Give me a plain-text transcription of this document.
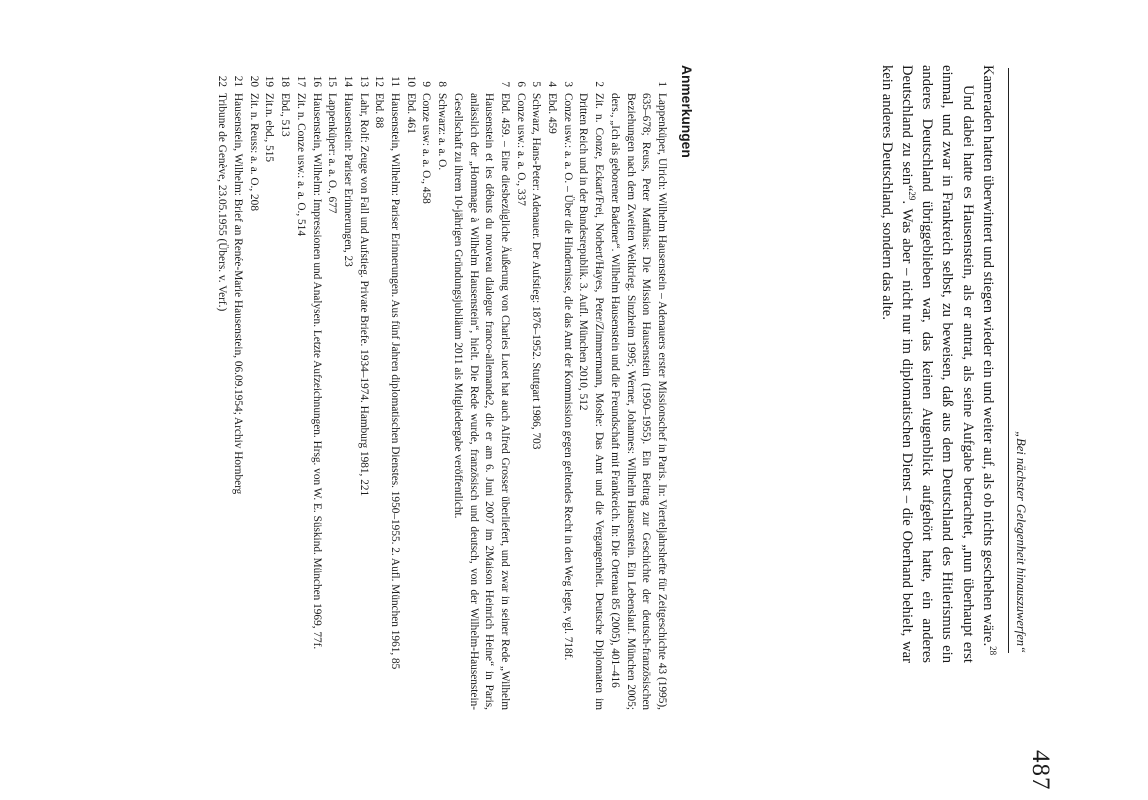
487
„Bei nächster Gelegenheit hinauszuwerfen“

Kameraden hatten überwintert und stiegen wieder ein und weiter auf, als ob nichts geschehen wäre.$^{28}$

Und dabei hatte es Hausenstein, als er antrat, als seine Aufgabe betrachtet, „nun überhaupt erst einmal, und zwar in Frankreich selbst, zu beweisen, daß aus dem Deutschland des Hitlerismus ein anderes Deutschland übriggeblieben war, das keinen Augenblick aufgehört hatte, ein anderes Deutschland zu sein“$^{29}$. Was aber – nicht nur im diplomatischen Dienst – die Oberhand behielt, war kein anderes Deutschland, sondern das alte.

Anmerkungen
1
Lappenküper, Ulrich: Wilhelm Hausenstein – Adenauers erster Missionschef in Paris. In: Vierteljahrshefte für Zeitgeschichte 43 (1995), 635–678; Reuss, Peter Matthias: Die Mission Hausenstein (1950–1955). Ein Beitrag zur Geschichte der deutsch-französischen Beziehungen nach dem Zweiten Weltkrieg. Sinzheim 1995; Werner, Johannes: Wilhelm Hausenstein. Ein Lebenslauf. München 2005; ders., „Ich als geborener Badener“. Wilhelm Hausenstein und die Freundschaft mit Frankreich. In: Die Ortenau 85 (2005), 401–416
2
Zit. n. Conze, Eckart/Frei, Norbert/Hayes, Peter/Zimmermann, Moshe: Das Amt und die Vergangenheit. Deutsche Diplomaten im Dritten Reich und in der Bundesrepublik. 3. Aufl. München 2010, 512
3
Conze usw.: a. a. O. – Über die Hindernisse, die das Amt der Kommission gegen geltendes Recht in den Weg legte, vgl. 718f.
4
Ebd. 459
5
Schwarz, Hans-Peter: Adenauer. Der Aufstieg: 1876–1952. Stuttgart 1986, 703
6
Conze usw.: a. a. O., 337
7
Ebd. 459. – Eine diesbezügliche Äußerung von Charles Lucet hat auch Alfred Grosser überliefert, und zwar in seiner Rede „Wilhelm Hausenstein et les débuts du nouveau dialogue franco-allemande2, die er am 6. Juni 2007 im 2Maison Heinrich Heine“ in Paris, anlässlich der „Hommage à Wilhelm Hausenstein“, hielt. Die Rede wurde, französisch und deutsch, von der Wilhelm-Hausenstein-Gesellschaft zu ihrem 10-jährigen Gründungsjubiläum 2011 als Mitgliedergabe veröffentlicht.
8
Schwarz: a. a. O.
9
Conze usw: a. a. O., 458
10
Ebd. 461
11
Hausenstein, Wilhelm: Pariser Erinnerungen. Aus fünf Jahren diplomatischen Dienstes. 1950–1955. 2. Aufl. München 1961, 85
12
Ebd. 88
13
Lahr, Rolf: Zeuge von Fall und Aufstieg. Private Briefe. 1934–1974. Hamburg 1981, 221
14
Hausenstein: Pariser Erinnerungen, 23
15
Lappenküper: a. a. O., 677
16
Hausenstein, Wilhelm: Impressionen und Analysen. Letzte Aufzeichnungen. Hrsg. von W. E. Süskind. München 1969, 77f.
17
Zit. n. Conze usw.: a. a. O., 514
18
Ebd., 513
19
Zit.n. ebd., 515
20
Zit. n. Reuss: a. a. O., 208
21
Hausenstein, Wilhelm: Brief an Renée-Marie Hausenstein, 06.09.1954; Archiv Hornberg
22
Tribune de Genève, 23.05.1955 (Übers. v. Verf.)
